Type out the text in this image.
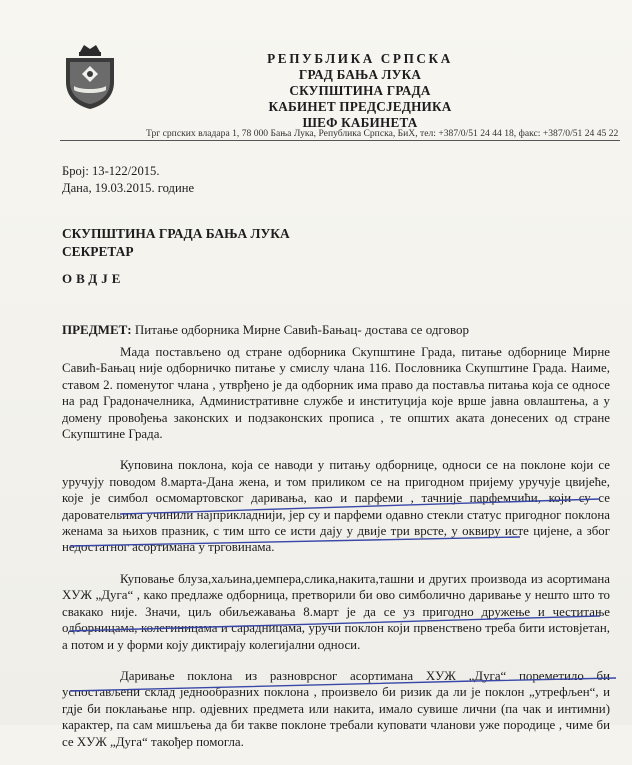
РЕПУБЛИКА СРПСКА
ГРАД БАЊА ЛУКА
СКУПШТИНА ГРАДА
КАБИНЕТ ПРЕДСЈЕДНИКА
ШЕФ КАБИНЕТА
Трг српских владара 1, 78 000 Бања Лука, Република Српска, БиХ, тел: +387/0/51 24 44 18, факс: +387/0/51 24 45 22
Број: 13-122/2015.
Дана, 19.03.2015. године
СКУПШТИНА ГРАДА БАЊА ЛУКА
СЕКРЕТАР
ОВДЈЕ
ПРЕДМЕТ: Питање одборника Мирне Савић-Бањац- достава се одговор

Мада постављено од стране одборника Скупштине Града, питање одборнице Мирне Савић-Бањац није одборничко питање у смислу члана 116. Пословника Скупштине Града. Наиме, ставом 2. поменутог члана , утврђено је да одборник има право да поставља питања која се односе на рад Градоначелника, Административне службе и институција које врше јавна овлаштења, а у домену провођења законских и подзаконских прописа , те општих аката донесених од стране Скупштине Града.

Куповина поклона, која се наводи у питању одборнице, односи се на поклоне који се уручују поводом 8.марта-Дана жена, и том приликом се на пригодном пријему уручује цвијеће, које је симбол осмомартовског даривања, као и парфеми , тачније парфемчићи, који су се даровательима учинили најприкладнији, јер су и парфеми одавно стекли статус пригодног поклона женама за њихов празник, с тим што се исти дају у двије три врсте, у оквиру исте цијене, а због недостатног асортимана у трговинама.

Куповање блуза,хаљина,џемпера,слика,накита,ташни и других производа из асортимана ХУЖ „Дуга“ , како предлаже одборница, претворили би ово симболично даривање у нешто што то свакако није. Значи, циљ обиљежавања 8.март је да се уз пригодно дружење и честитање одборницама, колегиницама и сарадницама, уручи поклон који првенствено треба бити истовјетан, а потом и у форми коју диктирају колегијални односи.

Даривање поклона из разноврсног асортимана ХУЖ „Дуга“ пореметило би успостављени склад једнообразних поклона , произвело би ризик да ли је поклон „утрефљен“, и гдје би поклањање нпр. одјевних предмета или накита, имало сувише лични (па чак и интимни) карактер, па сам мишљења да би такве поклоне требали куповати чланови уже породице , чиме би се ХУЖ „Дуга“ такођер помогла.
